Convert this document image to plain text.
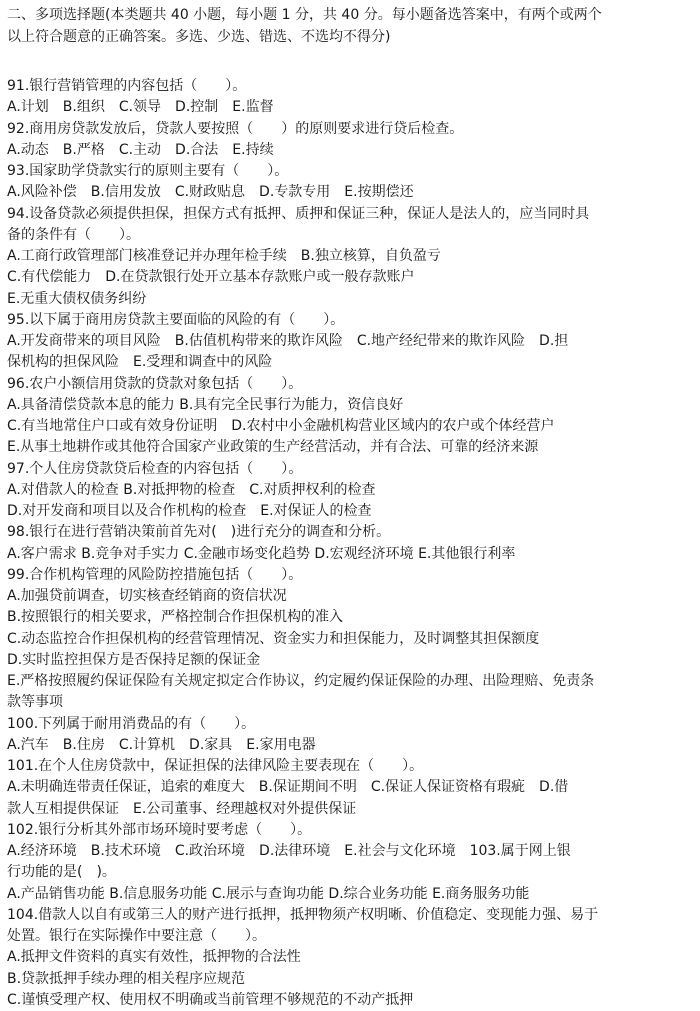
二、多项选择题(本类题共 40 小题，每小题 1 分，共 40 分。每小题备选答案中，有两个或两个
以上符合题意的正确答案。多选、少选、错选、不选均不得分)
91.银行营销管理的内容包括（　　）。
A.计划　B.组织　C.领导　D.控制　E.监督
92.商用房贷款发放后，贷款人要按照（　　）的原则要求进行贷后检查。
A.动态　B.严格　C.主动　D.合法　E.持续
93.国家助学贷款实行的原则主要有（　　）。
A.风险补偿　B.信用发放　C.财政贴息　D.专款专用　E.按期偿还
94.设备贷款必须提供担保，担保方式有抵押、质押和保证三种，保证人是法人的，应当同时具
备的条件有（　　）。
A.工商行政管理部门核准登记并办理年检手续　B.独立核算，自负盈亏
C.有代偿能力　D.在贷款银行处开立基本存款账户或一般存款账户
E.无重大债权债务纠纷
95.以下属于商用房贷款主要面临的风险的有（　　）。
A.开发商带来的项目风险　B.估值机构带来的欺诈风险　C.地产经纪带来的欺诈风险　D.担
保机构的担保风险　E.受理和调查中的风险
96.农户小额信用贷款的贷款对象包括（　　）。
A.具备清偿贷款本息的能力 B.具有完全民事行为能力，资信良好
C.有当地常住户口或有效身份证明　D.农村中小金融机构营业区域内的农户或个体经营户
E.从事土地耕作或其他符合国家产业政策的生产经营活动，并有合法、可靠的经济来源
97.个人住房贷款贷后检查的内容包括（　　）。
A.对借款人的检查 B.对抵押物的检查　C.对质押权利的检查
D.对开发商和项目以及合作机构的检查　E.对保证人的检查
98.银行在进行营销决策前首先对(　)进行充分的调查和分析。
A.客户需求 B.竞争对手实力 C.金融市场变化趋势 D.宏观经济环境 E.其他银行利率
99.合作机构管理的风险防控措施包括（　　）。
A.加强贷前调查，切实核查经销商的资信状况
B.按照银行的相关要求，严格控制合作担保机构的准入
C.动态监控合作担保机构的经营管理情况、资金实力和担保能力，及时调整其担保额度
D.实时监控担保方是否保持足额的保证金
E.严格按照履约保证保险有关规定拟定合作协议，约定履约保证保险的办理、出险理赔、免责条
款等事项
100.下列属于耐用消费品的有（　　）。
A.汽车　B.住房　C.计算机　D.家具　E.家用电器
101.在个人住房贷款中，保证担保的法律风险主要表现在（　　）。
A.未明确连带责任保证，追索的难度大　B.保证期间不明　C.保证人保证资格有瑕疵　D.借
款人互相提供保证　E.公司董事、经理越权对外提供保证
102.银行分析其外部市场环境时要考虑（　　）。
A.经济环境　B.技术环境　C.政治环境　D.法律环境　E.社会与文化环境　103.属于网上银
行功能的是(　)。
A.产品销售功能 B.信息服务功能 C.展示与查询功能 D.综合业务功能 E.商务服务功能
104.借款人以自有或第三人的财产进行抵押，抵押物须产权明晰、价值稳定、变现能力强、易于
处置。银行在实际操作中要注意（　　）。
A.抵押文件资料的真实有效性，抵押物的合法性
B.贷款抵押手续办理的相关程序应规范
C.谨慎受理产权、使用权不明确或当前管理不够规范的不动产抵押
